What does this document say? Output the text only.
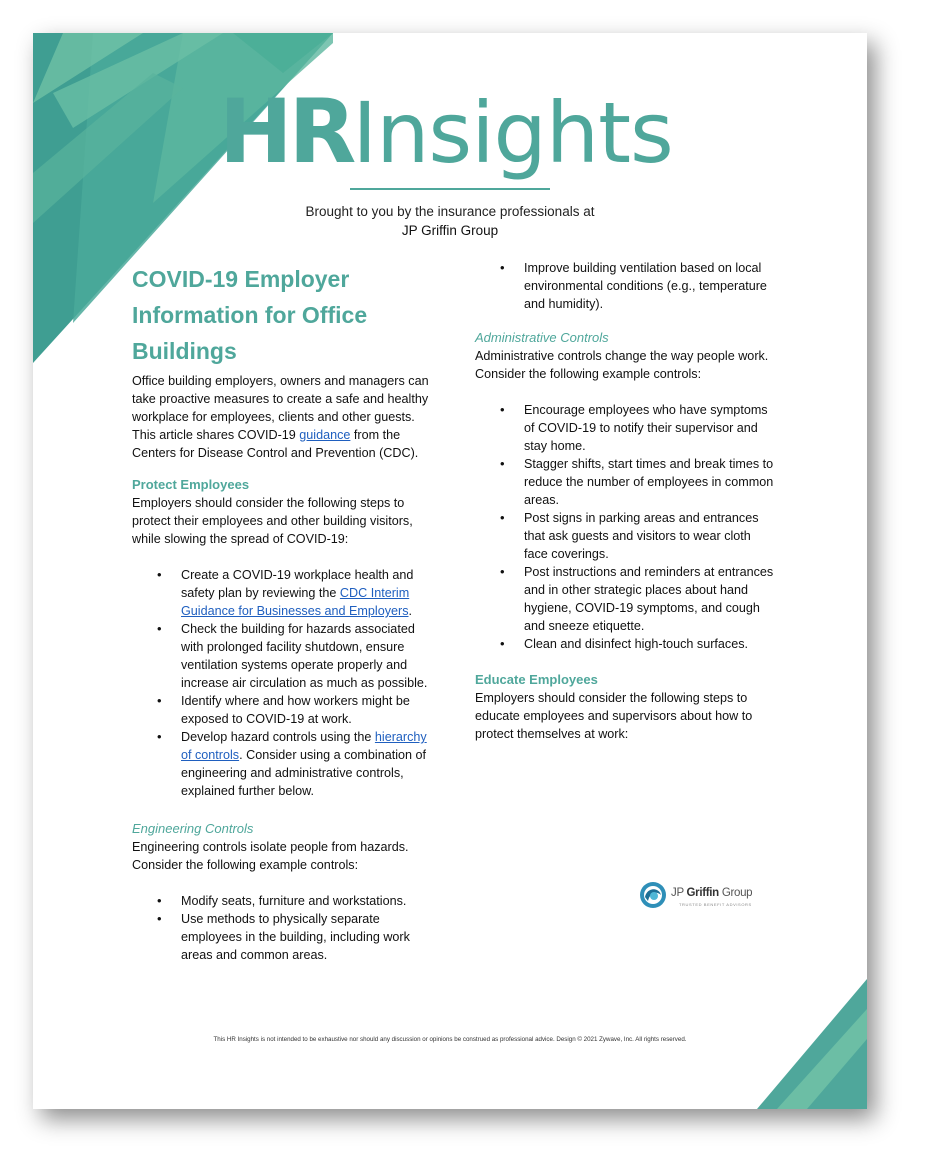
HRInsights
Brought to you by the insurance professionals at
JP Griffin Group
COVID-19 Employer Information for Office Buildings

Office building employers, owners and managers can take proactive measures to create a safe and healthy workplace for employees, clients and other guests. This article shares COVID-19 guidance from the Centers for Disease Control and Prevention (CDC).

Protect Employees

Employers should consider the following steps to protect their employees and other building visitors, while slowing the spread of COVID-19:

• Create a COVID-19 workplace health and safety plan by reviewing the CDC Interim Guidance for Businesses and Employers.
• Check the building for hazards associated with prolonged facility shutdown, ensure ventilation systems operate properly and increase air circulation as much as possible.
• Identify where and how workers might be exposed to COVID-19 at work.
• Develop hazard controls using the hierarchy of controls. Consider using a combination of engineering and administrative controls, explained further below.
Engineering Controls

Engineering controls isolate people from hazards. Consider the following example controls:

• Modify seats, furniture and workstations.
• Use methods to physically separate employees in the building, including work areas and common areas.
• Improve building ventilation based on local environmental conditions (e.g., temperature and humidity).
Administrative Controls

Administrative controls change the way people work. Consider the following example controls:

• Encourage employees who have symptoms of COVID-19 to notify their supervisor and stay home.
• Stagger shifts, start times and break times to reduce the number of employees in common areas.
• Post signs in parking areas and entrances that ask guests and visitors to wear cloth face coverings.
• Post instructions and reminders at entrances and in other strategic places about hand hygiene, COVID-19 symptoms, and cough and sneeze etiquette.
• Clean and disinfect high-touch surfaces.
Educate Employees

Employers should consider the following steps to educate employees and supervisors about how to protect themselves at work:

JP Griffin Group
TRUSTED BENEFIT ADVISORS
This HR Insights is not intended to be exhaustive nor should any discussion or opinions be construed as professional advice. Design © 2021 Zywave, Inc. All rights reserved.
